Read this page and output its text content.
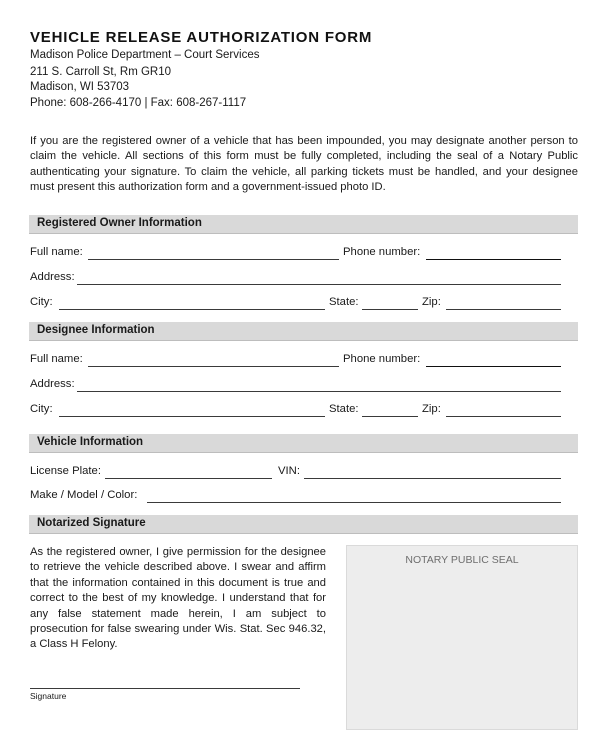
VEHICLE RELEASE AUTHORIZATION FORM
Madison Police Department – Court Services
211 S. Carroll St, Rm GR10
Madison, WI 53703
Phone: 608-266-4170 | Fax: 608-267-1117
If you are the registered owner of a vehicle that has been impounded, you may designate another person to claim the vehicle. All sections of this form must be fully completed, including the seal of a Notary Public authenticating your signature. To claim the vehicle, all parking tickets must be handled, and your designee must present this authorization form and a government-issued photo ID.
Registered Owner Information
Full name:	Phone number:
Address:
City:	State:	Zip:
Designee Information
Full name:	Phone number:
Address:
City:	State:	Zip:
Vehicle Information
License Plate:	VIN:
Make / Model / Color:
Notarized Signature
As the registered owner, I give permission for the designee to retrieve the vehicle described above. I swear and affirm that the information contained in this document is true and correct to the best of my knowledge. I understand that for any false statement made herein, I am subject to prosecution for false swearing under Wis. Stat. Sec 946.32, a Class H Felony.
NOTARY PUBLIC SEAL
Signature
